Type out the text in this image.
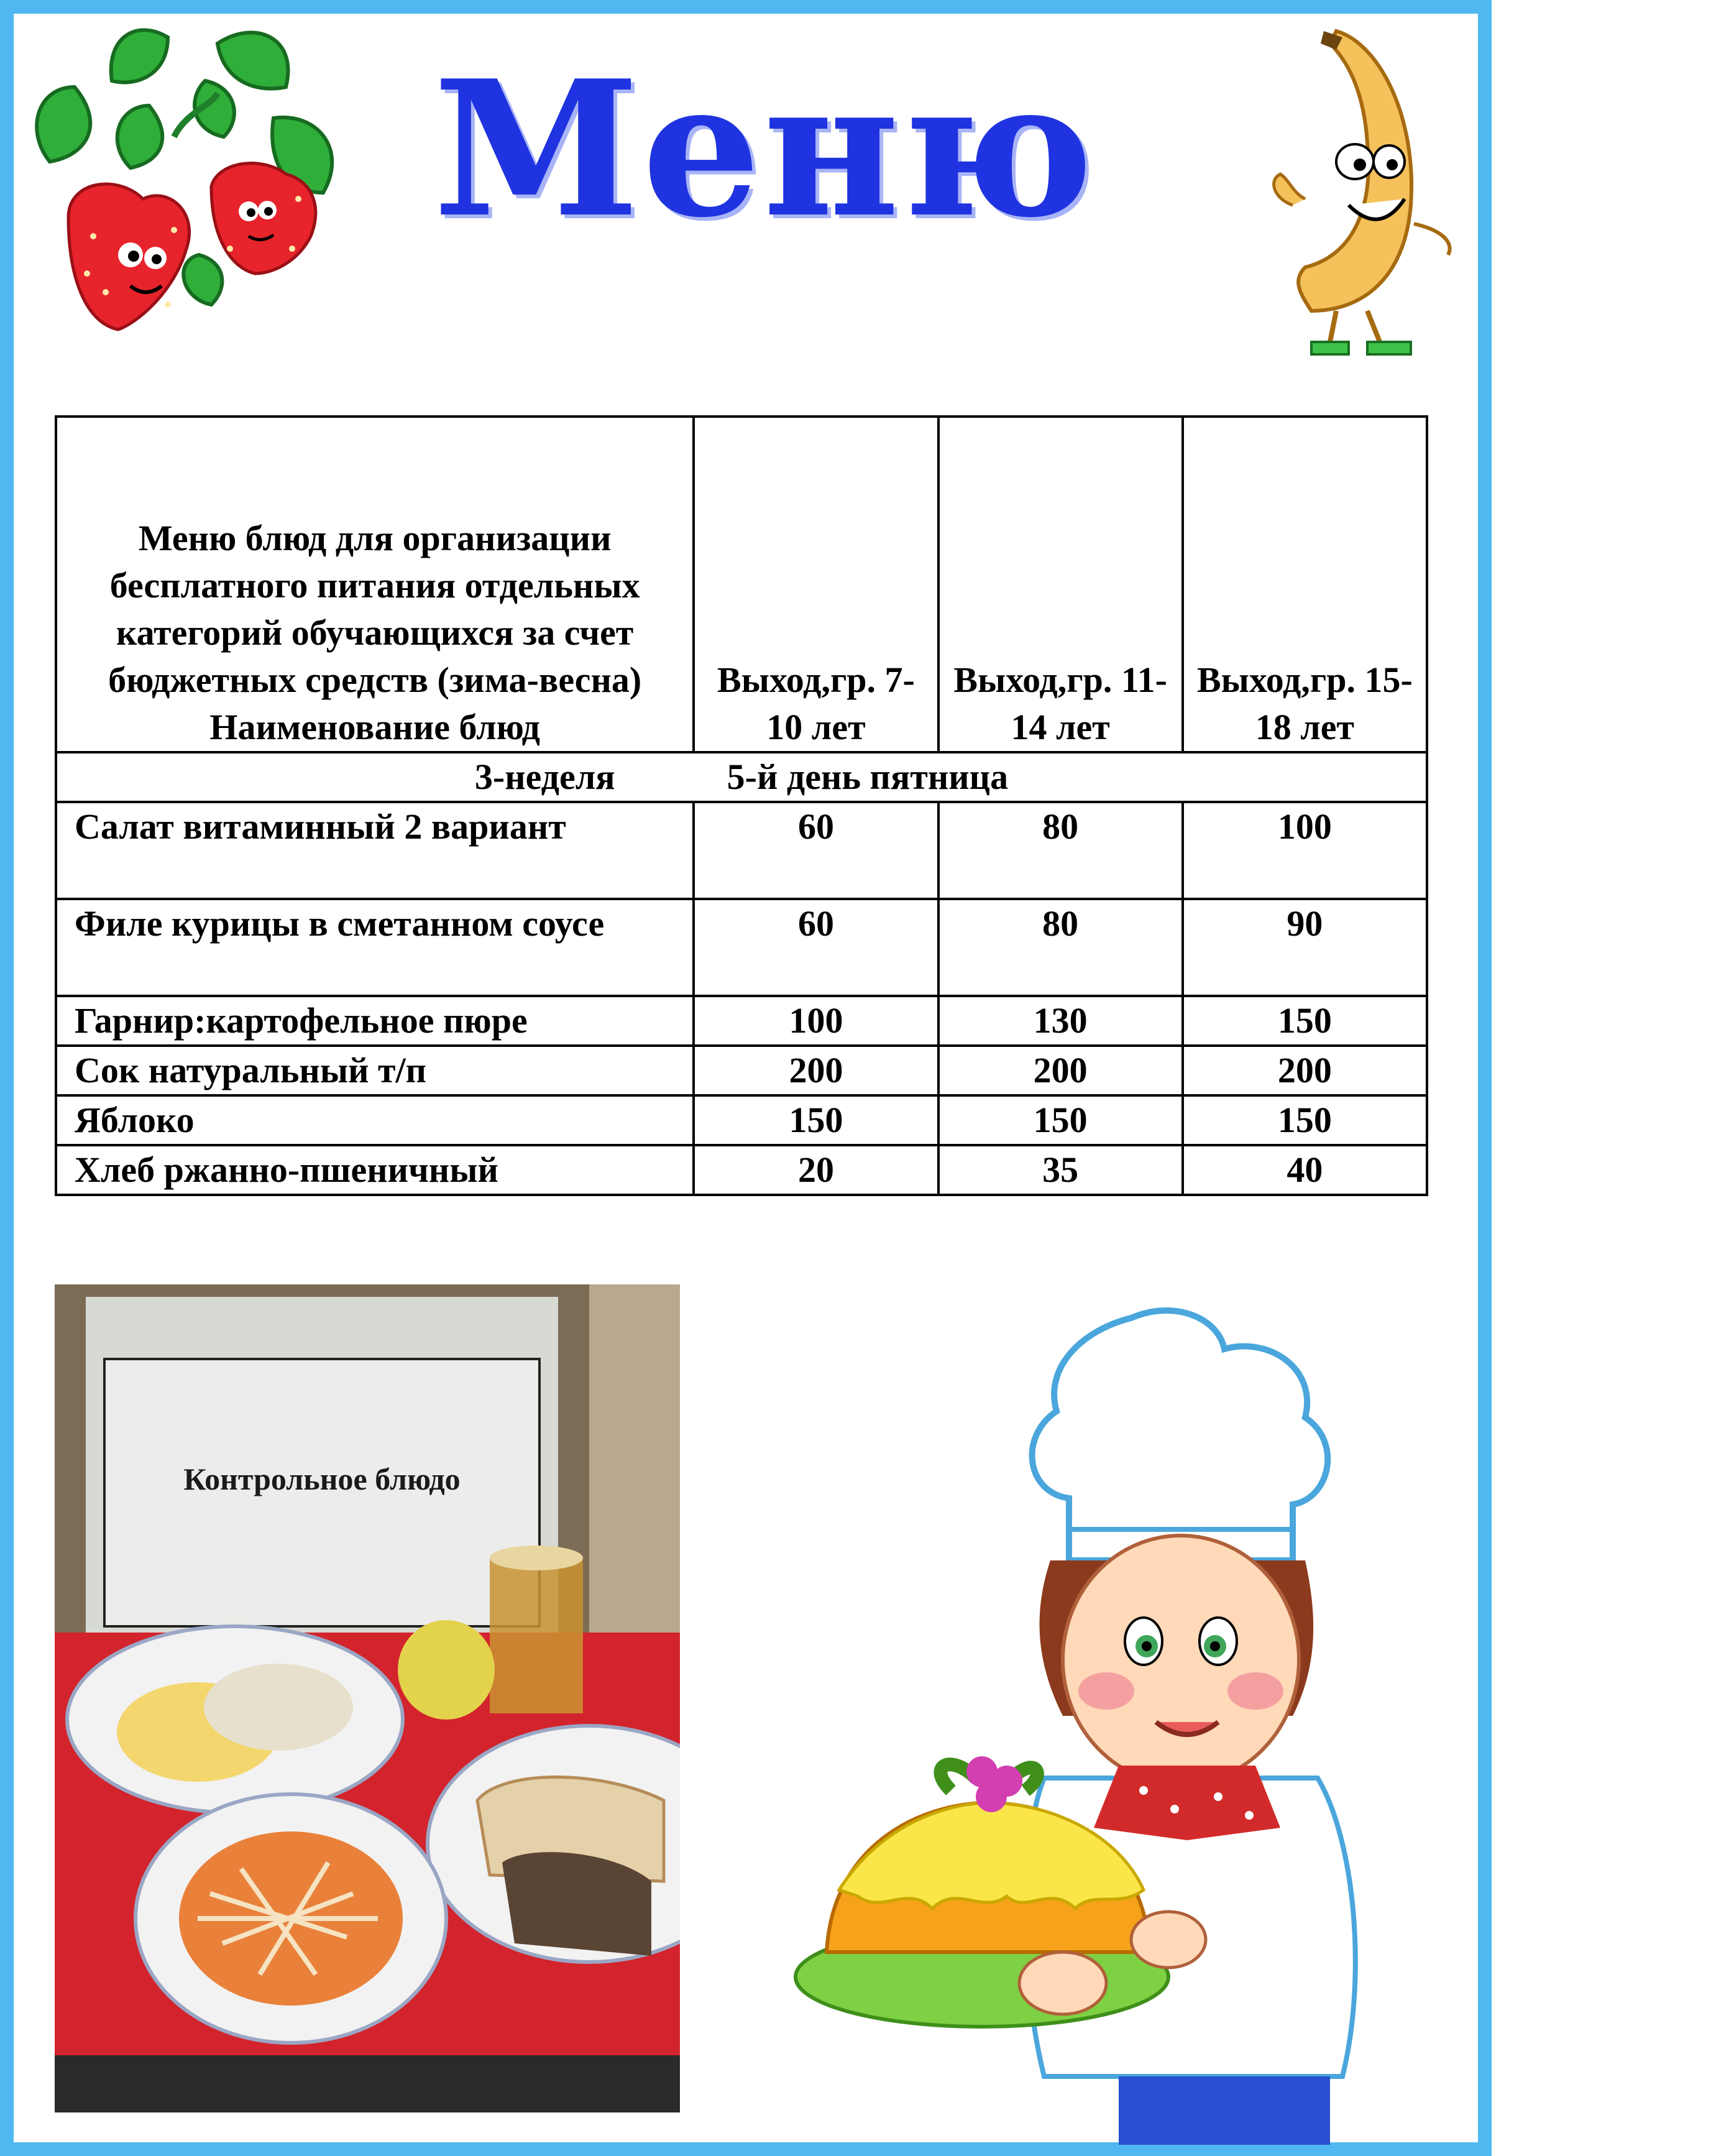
Меню
Меню блюд для организации бесплатного питания отдельных категорий обучающихся за счет бюджетных средств (зима-весна) Наименование блюд	Выход,гр. 7-10 лет	Выход,гр. 11-14 лет	Выход,гр. 15-18 лет
3-неделя 5-й день пятница			
Салат витаминный 2 вариант	60	80	100
Филе курицы в сметанном соусе	60	80	90
Гарнир:картофельное пюре	100	130	150
Сок натуральный т/п	200	200	200
Яблоко	150	150	150
Хлеб ржанно-пшеничный	20	35	40
Контрольное блюдо
